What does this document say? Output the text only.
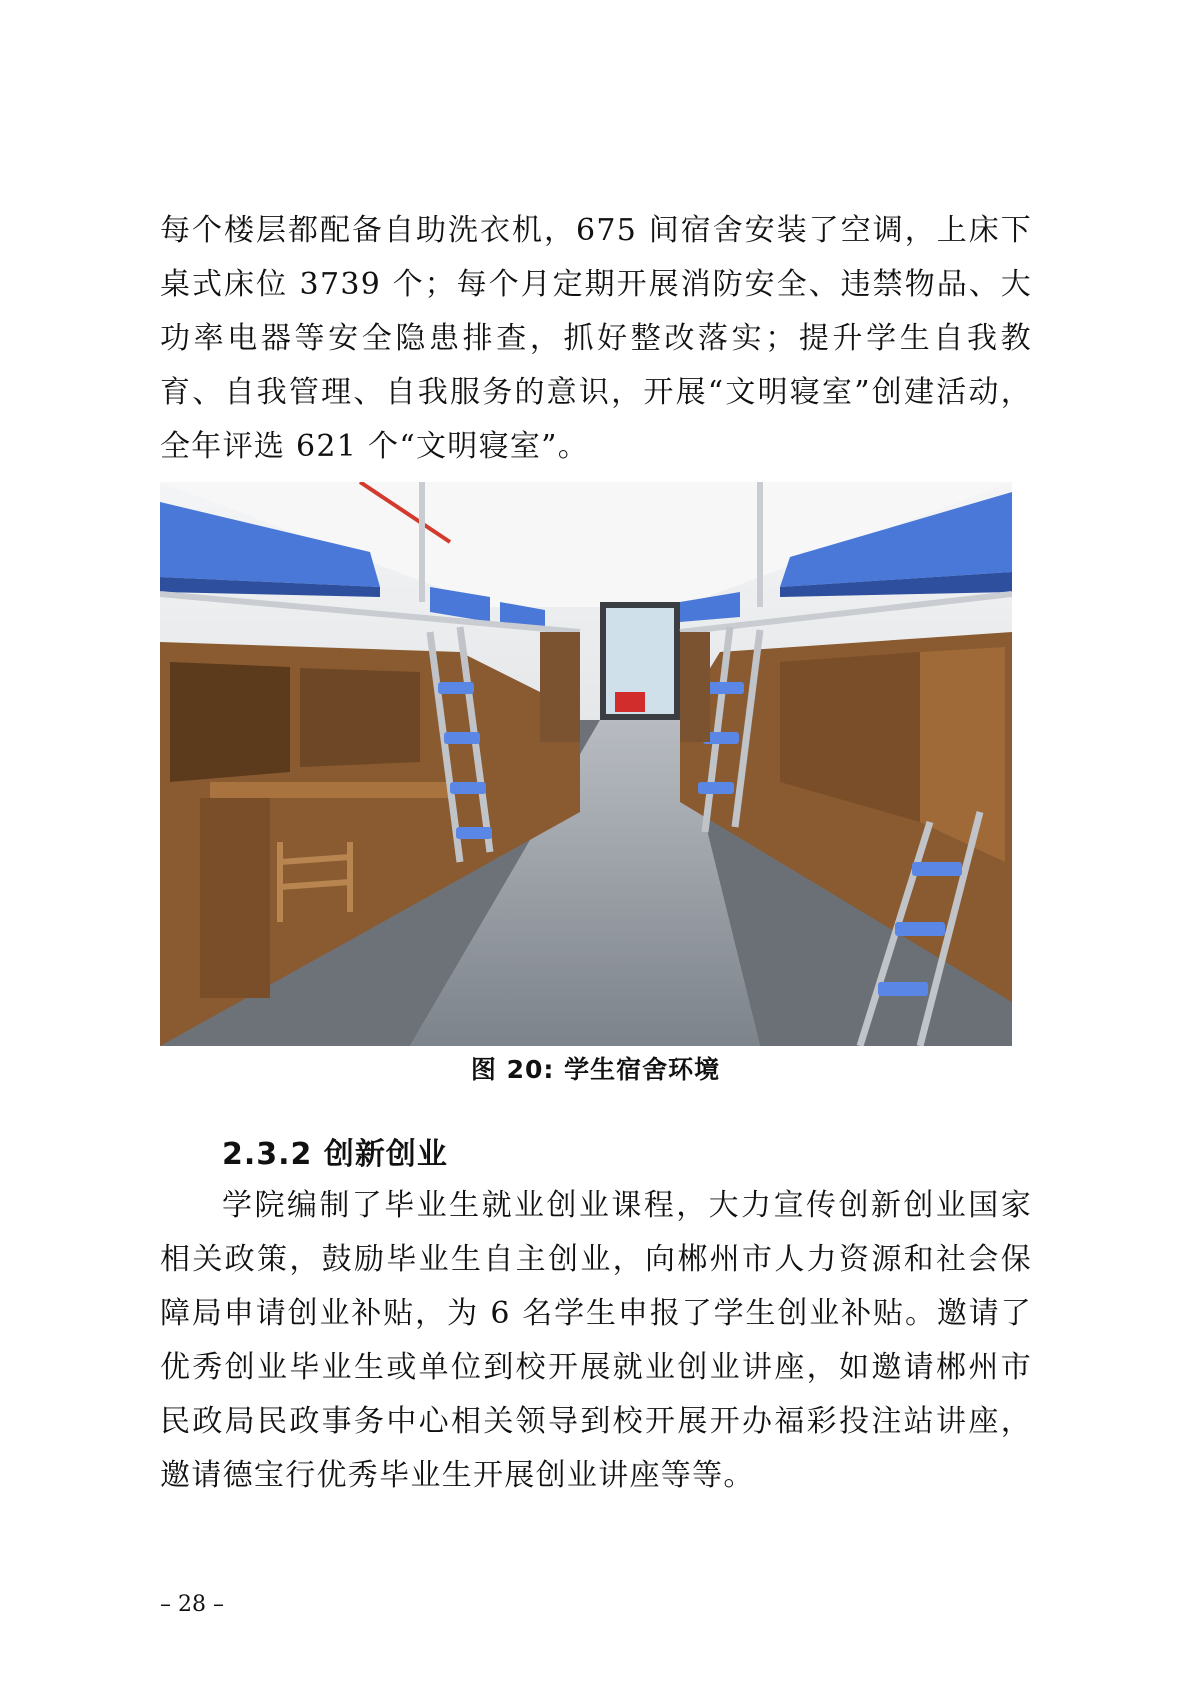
每个楼层都配备自助洗衣机，675 间宿舍安装了空调，上床下桌式床位 3739 个；每个月定期开展消防安全、违禁物品、大功率电器等安全隐患排查，抓好整改落实；提升学生自我教育、自我管理、自我服务的意识，开展“文明寝室”创建活动，全年评选 621 个“文明寝室”。
图 20: 学生宿舍环境
2.3.2 创新创业
学院编制了毕业生就业创业课程，大力宣传创新创业国家相关政策，鼓励毕业生自主创业，向郴州市人力资源和社会保障局申请创业补贴，为 6 名学生申报了学生创业补贴。邀请了优秀创业毕业生或单位到校开展就业创业讲座，如邀请郴州市民政局民政事务中心相关领导到校开展开办福彩投注站讲座，邀请德宝行优秀毕业生开展创业讲座等等。
– 28 –
